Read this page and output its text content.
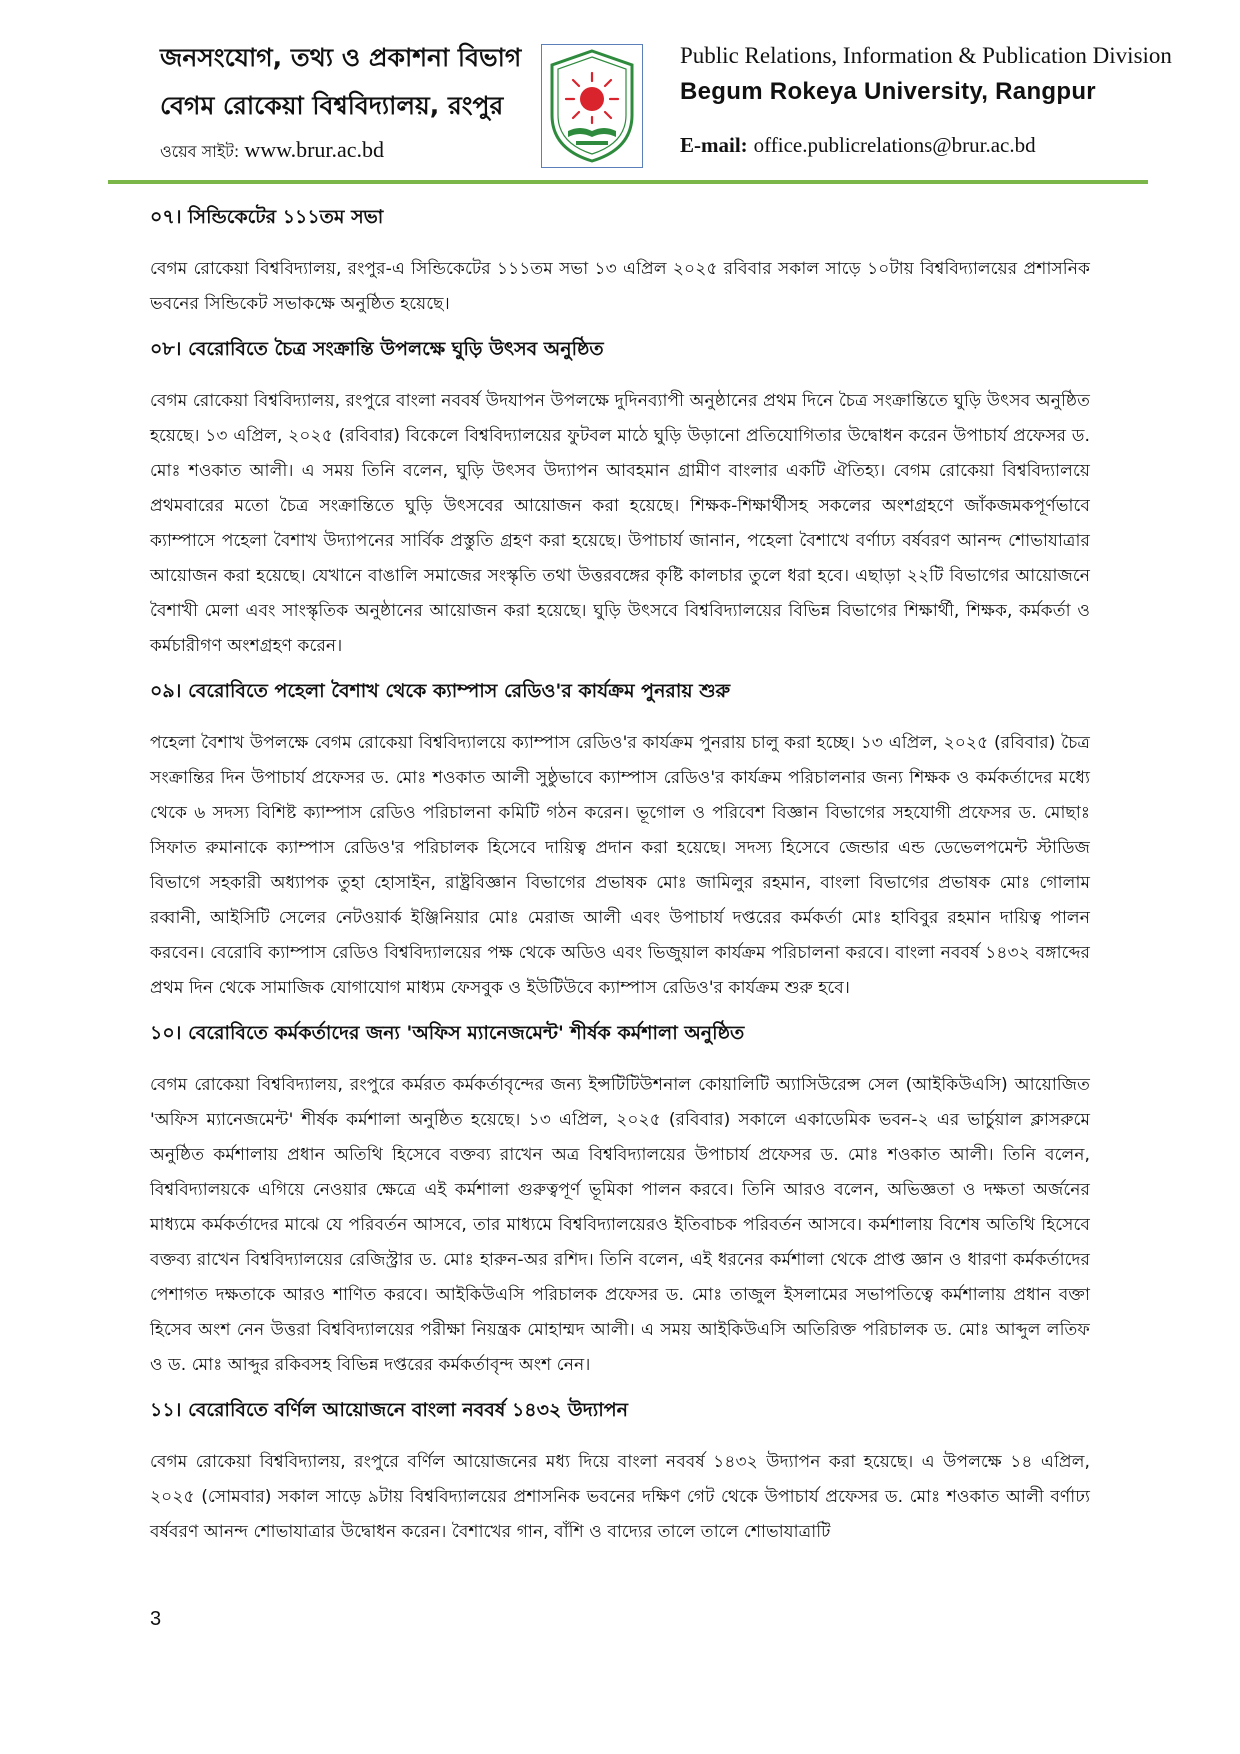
জনসংযোগ, তথ্য ও প্রকাশনা বিভাগ
বেগম রোকেয়া বিশ্ববিদ্যালয়, রংপুর
ওয়েব সাইট: www.brur.ac.bd
Public Relations, Information & Publication Division
Begum Rokeya University, Rangpur
E-mail: office.publicrelations@brur.ac.bd
০৭। সিন্ডিকেটের ১১১তম সভা

বেগম রোকেয়া বিশ্ববিদ্যালয়, রংপুর-এ সিন্ডিকেটের ১১১তম সভা ১৩ এপ্রিল ২০২৫ রবিবার সকাল সাড়ে ১০টায় বিশ্ববিদ্যালয়ের প্রশাসনিক ভবনের সিন্ডিকেট সভাকক্ষে অনুষ্ঠিত হয়েছে।

০৮। বেরোবিতে চৈত্র সংক্রান্তি উপলক্ষে ঘুড়ি উৎসব অনুষ্ঠিত

বেগম রোকেয়া বিশ্ববিদ্যালয়, রংপুরে বাংলা নববর্ষ উদযাপন উপলক্ষে দুদিনব্যাপী অনুষ্ঠানের প্রথম দিনে চৈত্র সংক্রান্তিতে ঘুড়ি উৎসব অনুষ্ঠিত হয়েছে। ১৩ এপ্রিল, ২০২৫ (রবিবার) বিকেলে বিশ্ববিদ্যালয়ের ফুটবল মাঠে ঘুড়ি উড়ানো প্রতিযোগিতার উদ্বোধন করেন উপাচার্য প্রফেসর ড. মোঃ শওকাত আলী। এ সময় তিনি বলেন, ঘুড়ি উৎসব উদ্যাপন আবহমান গ্রামীণ বাংলার একটি ঐতিহ্য। বেগম রোকেয়া বিশ্ববিদ্যালয়ে প্রথমবারের মতো চৈত্র সংক্রান্তিতে ঘুড়ি উৎসবের আয়োজন করা হয়েছে। শিক্ষক-শিক্ষার্থীসহ সকলের অংশগ্রহণে জাঁকজমকপূর্ণভাবে ক্যাম্পাসে পহেলা বৈশাখ উদ্যাপনের সার্বিক প্রস্তুতি গ্রহণ করা হয়েছে। উপাচার্য জানান, পহেলা বৈশাখে বর্ণাঢ্য বর্ষবরণ আনন্দ শোভাযাত্রার আয়োজন করা হয়েছে। যেখানে বাঙালি সমাজের সংস্কৃতি তথা উত্তরবঙ্গের কৃষ্টি কালচার তুলে ধরা হবে। এছাড়া ২২টি বিভাগের আয়োজনে বৈশাখী মেলা এবং সাংস্কৃতিক অনুষ্ঠানের আয়োজন করা হয়েছে। ঘুড়ি উৎসবে বিশ্ববিদ্যালয়ের বিভিন্ন বিভাগের শিক্ষার্থী, শিক্ষক, কর্মকর্তা ও কর্মচারীগণ অংশগ্রহণ করেন।

০৯। বেরোবিতে পহেলা বৈশাখ থেকে ক্যাম্পাস রেডিও'র কার্যক্রম পুনরায় শুরু

পহেলা বৈশাখ উপলক্ষে বেগম রোকেয়া বিশ্ববিদ্যালয়ে ক্যাম্পাস রেডিও'র কার্যক্রম পুনরায় চালু করা হচ্ছে। ১৩ এপ্রিল, ২০২৫ (রবিবার) চৈত্র সংক্রান্তির দিন উপাচার্য প্রফেসর ড. মোঃ শওকাত আলী সুষ্ঠুভাবে ক্যাম্পাস রেডিও'র কার্যক্রম পরিচালনার জন্য শিক্ষক ও কর্মকর্তাদের মধ্যে থেকে ৬ সদস্য বিশিষ্ট ক্যাম্পাস রেডিও পরিচালনা কমিটি গঠন করেন। ভূগোল ও পরিবেশ বিজ্ঞান বিভাগের সহযোগী প্রফেসর ড. মোছাঃ সিফাত রুমানাকে ক্যাম্পাস রেডিও'র পরিচালক হিসেবে দায়িত্ব প্রদান করা হয়েছে। সদস্য হিসেবে জেন্ডার এন্ড ডেভেলপমেন্ট স্টাডিজ বিভাগে সহকারী অধ্যাপক তুহা হোসাইন, রাষ্ট্রবিজ্ঞান বিভাগের প্রভাষক মোঃ জামিলুর রহমান, বাংলা বিভাগের প্রভাষক মোঃ গোলাম রব্বানী, আইসিটি সেলের নেটওয়ার্ক ইঞ্জিনিয়ার মোঃ মেরাজ আলী এবং উপাচার্য দপ্তরের কর্মকর্তা মোঃ হাবিবুর রহমান দায়িত্ব পালন করবেন। বেরোবি ক্যাম্পাস রেডিও বিশ্ববিদ্যালয়ের পক্ষ থেকে অডিও এবং ভিজুয়াল কার্যক্রম পরিচালনা করবে। বাংলা নববর্ষ ১৪৩২ বঙ্গাব্দের প্রথম দিন থেকে সামাজিক যোগাযোগ মাধ্যম ফেসবুক ও ইউটিউবে ক্যাম্পাস রেডিও'র কার্যক্রম শুরু হবে।

১০। বেরোবিতে কর্মকর্তাদের জন্য 'অফিস ম্যানেজমেন্ট' শীর্ষক কর্মশালা অনুষ্ঠিত

বেগম রোকেয়া বিশ্ববিদ্যালয়, রংপুরে কর্মরত কর্মকর্তাবৃন্দের জন্য ইন্সটিটিউশনাল কোয়ালিটি অ্যাসিউরেন্স সেল (আইকিউএসি) আয়োজিত 'অফিস ম্যানেজমেন্ট' শীর্ষক কর্মশালা অনুষ্ঠিত হয়েছে। ১৩ এপ্রিল, ২০২৫ (রবিবার) সকালে একাডেমিক ভবন-২ এর ভার্চুয়াল ক্লাসরুমে অনুষ্ঠিত কর্মশালায় প্রধান অতিথি হিসেবে বক্তব্য রাখেন অত্র বিশ্ববিদ্যালয়ের উপাচার্য প্রফেসর ড. মোঃ শওকাত আলী। তিনি বলেন, বিশ্ববিদ্যালয়কে এগিয়ে নেওয়ার ক্ষেত্রে এই কর্মশালা গুরুত্বপূর্ণ ভূমিকা পালন করবে। তিনি আরও বলেন, অভিজ্ঞতা ও দক্ষতা অর্জনের মাধ্যমে কর্মকর্তাদের মাঝে যে পরিবর্তন আসবে, তার মাধ্যমে বিশ্ববিদ্যালয়েরও ইতিবাচক পরিবর্তন আসবে। কর্মশালায় বিশেষ অতিথি হিসেবে বক্তব্য রাখেন বিশ্ববিদ্যালয়ের রেজিস্ট্রার ড. মোঃ হারুন-অর রশিদ। তিনি বলেন, এই ধরনের কর্মশালা থেকে প্রাপ্ত জ্ঞান ও ধারণা কর্মকর্তাদের পেশাগত দক্ষতাকে আরও শাণিত করবে। আইকিউএসি পরিচালক প্রফেসর ড. মোঃ তাজুল ইসলামের সভাপতিত্বে কর্মশালায় প্রধান বক্তা হিসেব অংশ নেন উত্তরা বিশ্ববিদ্যালয়ের পরীক্ষা নিয়ন্ত্রক মোহাম্মদ আলী। এ সময় আইকিউএসি অতিরিক্ত পরিচালক ড. মোঃ আব্দুল লতিফ ও ড. মোঃ আব্দুর রকিবসহ বিভিন্ন দপ্তরের কর্মকর্তাবৃন্দ অংশ নেন।

১১। বেরোবিতে বর্ণিল আয়োজনে বাংলা নববর্ষ ১৪৩২ উদ্যাপন

বেগম রোকেয়া বিশ্ববিদ্যালয়, রংপুরে বর্ণিল আয়োজনের মধ্য দিয়ে বাংলা নববর্ষ ১৪৩২ উদ্যাপন করা হয়েছে। এ উপলক্ষে ১৪ এপ্রিল, ২০২৫ (সোমবার) সকাল সাড়ে ৯টায় বিশ্ববিদ্যালয়ের প্রশাসনিক ভবনের দক্ষিণ গেট থেকে উপাচার্য প্রফেসর ড. মোঃ শওকাত আলী বর্ণাঢ্য বর্ষবরণ আনন্দ শোভাযাত্রার উদ্বোধন করেন। বৈশাখের গান, বাঁশি ও বাদ্যের তালে তালে শোভাযাত্রাটি

3
